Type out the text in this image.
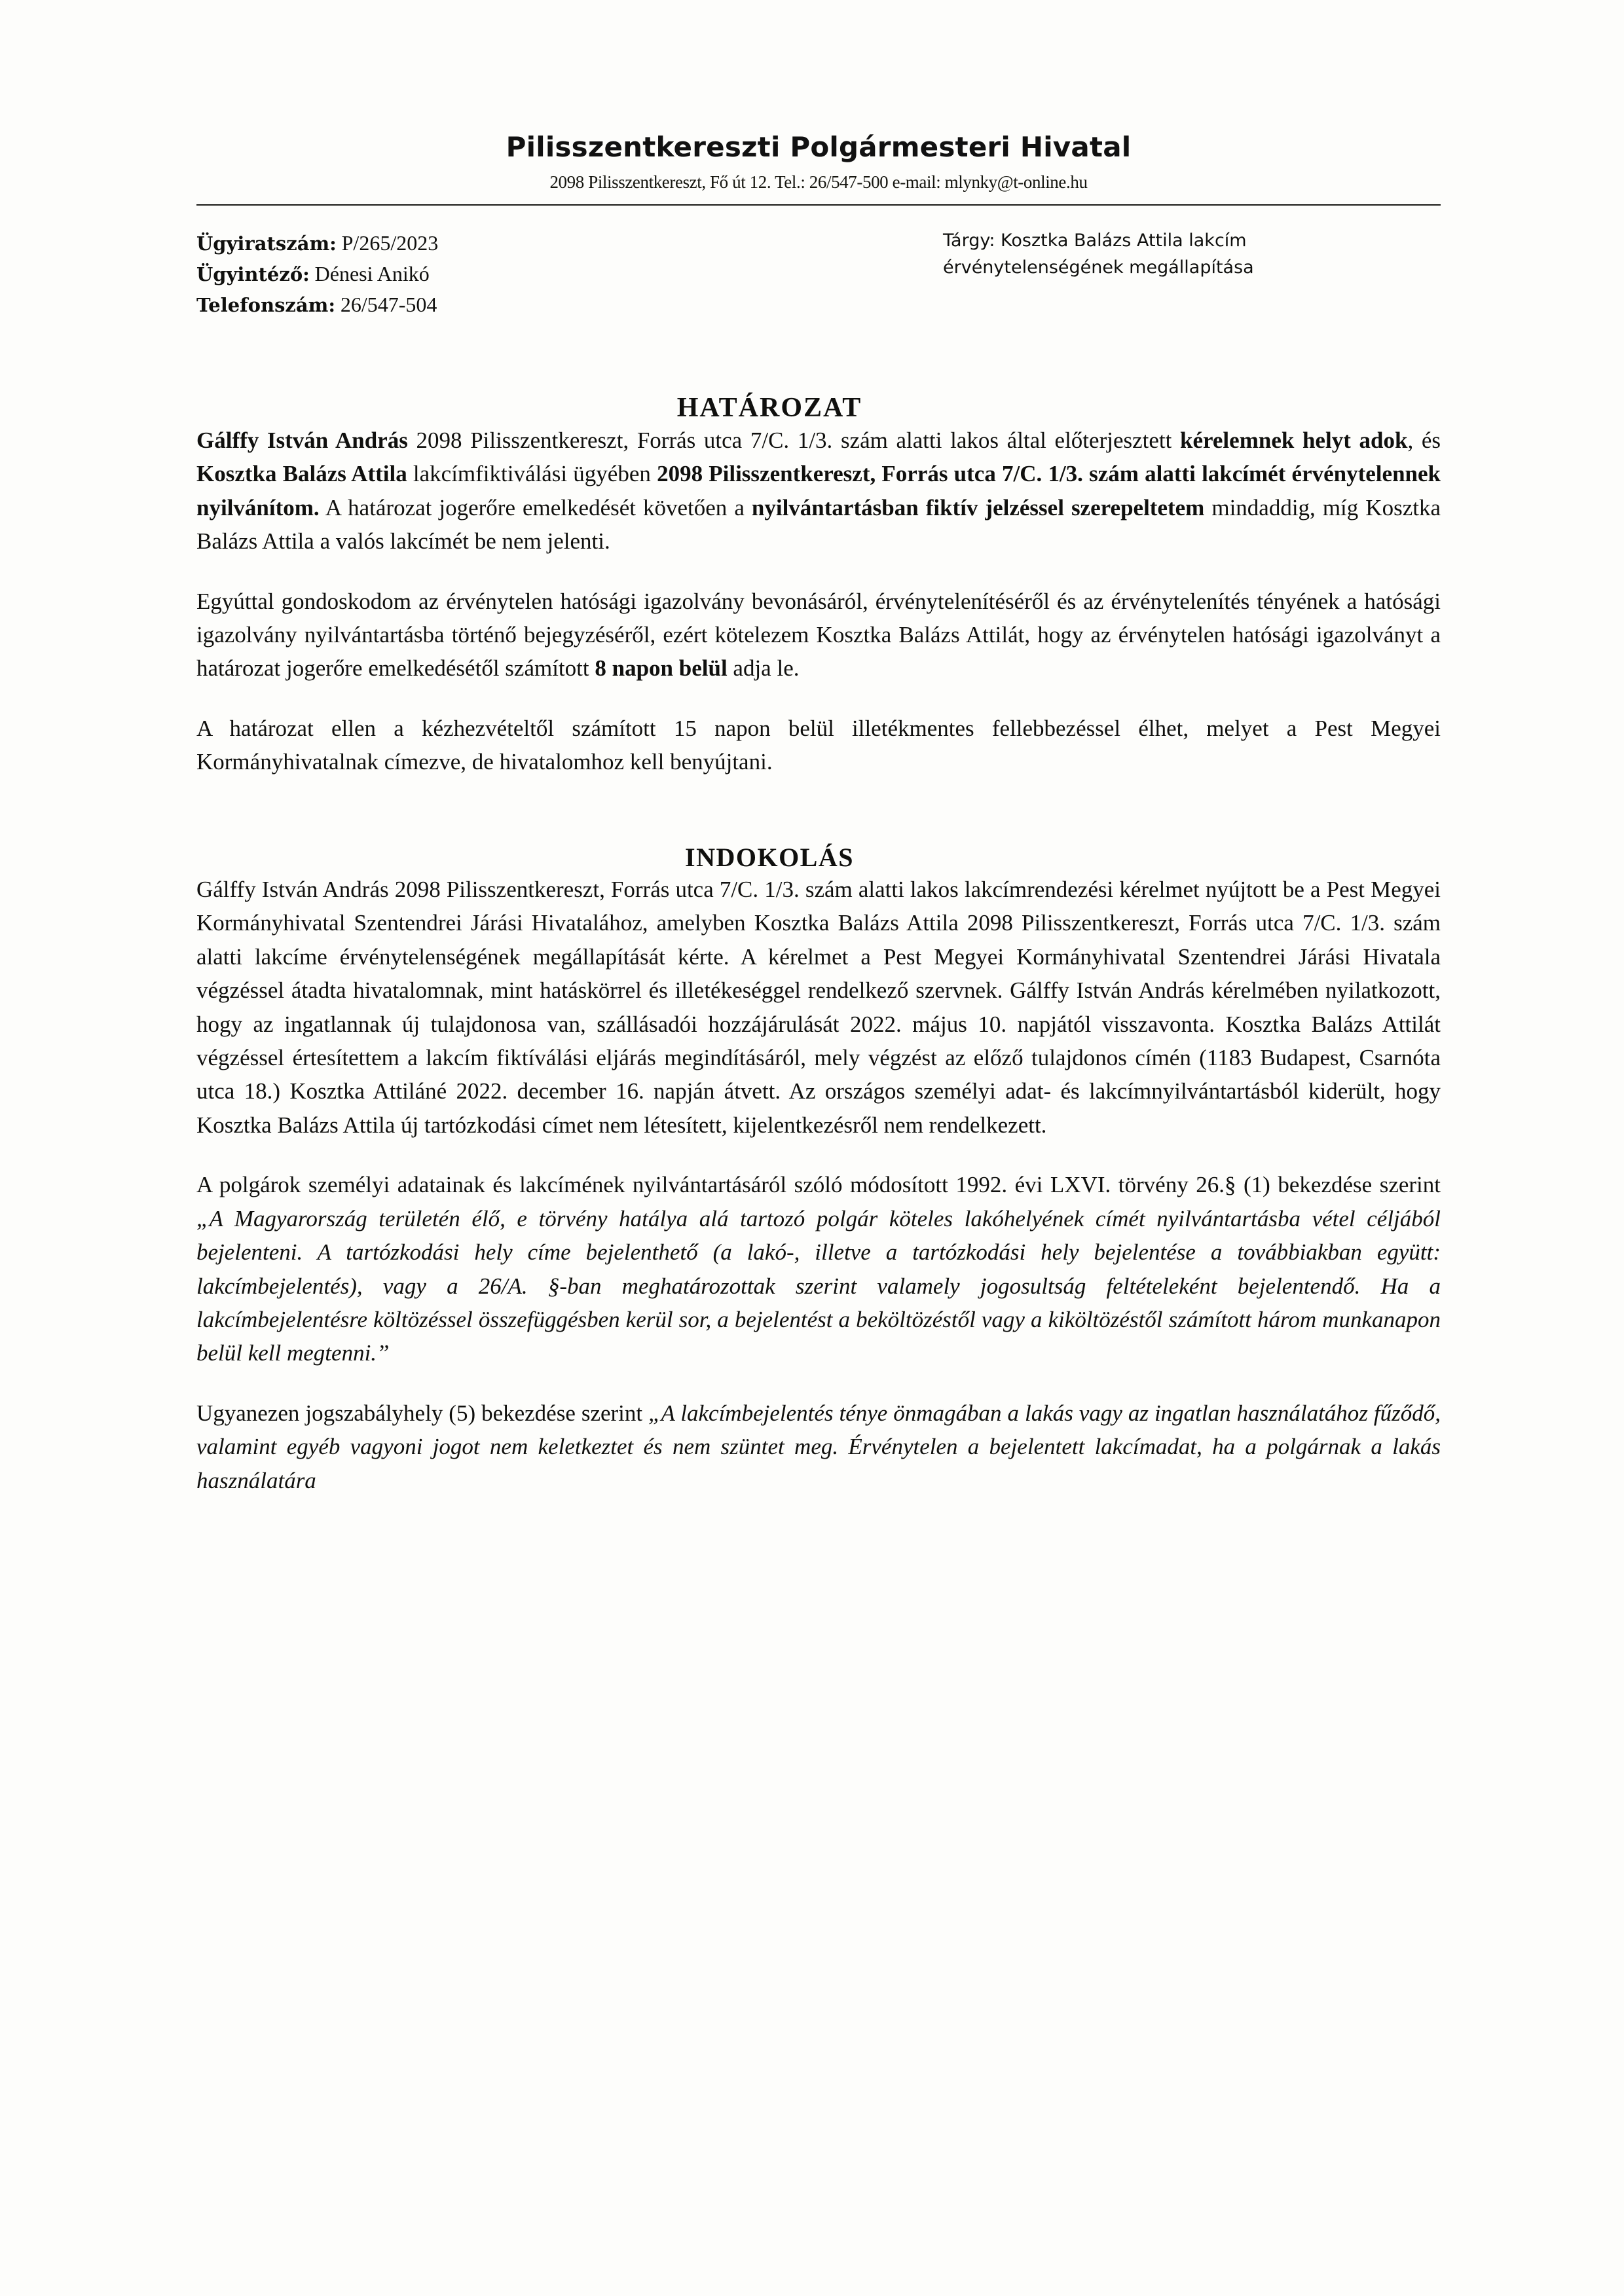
Pilisszentkereszti Polgármesteri Hivatal
2098 Pilisszentkereszt, Fő út 12. Tel.: 26/547-500 e-mail: mlynky@t-online.hu
Ügyiratszám: P/265/2023
Ügyintéző: Dénesi Anikó
Telefonszám: 26/547-504
Tárgy: Kosztka Balázs Attila lakcím érvénytelenségének megállapítása
HATÁROZAT

Gálffy István András 2098 Pilisszentkereszt, Forrás utca 7/C. 1/3. szám alatti lakos által előterjesztett kérelemnek helyt adok, és Kosztka Balázs Attila lakcímfiktiválási ügyében 2098 Pilisszentkereszt, Forrás utca 7/C. 1/3. szám alatti lakcímét érvénytelennek nyilvánítom. A határozat jogerőre emelkedését követően a nyilvántartásban fiktív jelzéssel szerepeltetem mindaddig, míg Kosztka Balázs Attila a valós lakcímét be nem jelenti.

Egyúttal gondoskodom az érvénytelen hatósági igazolvány bevonásáról, érvénytelenítéséről és az érvénytelenítés tényének a hatósági igazolvány nyilvántartásba történő bejegyzéséről, ezért kötelezem Kosztka Balázs Attilát, hogy az érvénytelen hatósági igazolványt a határozat jogerőre emelkedésétől számított 8 napon belül adja le.

A határozat ellen a kézhezvételtől számított 15 napon belül illetékmentes fellebbezéssel élhet, melyet a Pest Megyei Kormányhivatalnak címezve, de hivatalomhoz kell benyújtani.

INDOKOLÁS

Gálffy István András 2098 Pilisszentkereszt, Forrás utca 7/C. 1/3. szám alatti lakos lakcímrendezési kérelmet nyújtott be a Pest Megyei Kormányhivatal Szentendrei Járási Hivatalához, amelyben Kosztka Balázs Attila 2098 Pilisszentkereszt, Forrás utca 7/C. 1/3. szám alatti lakcíme érvénytelenségének megállapítását kérte. A kérelmet a Pest Megyei Kormányhivatal Szentendrei Járási Hivatala végzéssel átadta hivatalomnak, mint hatáskörrel és illetékeséggel rendelkező szervnek. Gálffy István András kérelmében nyilatkozott, hogy az ingatlannak új tulajdonosa van, szállásadói hozzájárulását 2022. május 10. napjától visszavonta. Kosztka Balázs Attilát végzéssel értesítettem a lakcím fiktíválási eljárás megindításáról, mely végzést az előző tulajdonos címén (1183 Budapest, Csarnóta utca 18.) Kosztka Attiláné 2022. december 16. napján átvett. Az országos személyi adat- és lakcímnyilvántartásból kiderült, hogy Kosztka Balázs Attila új tartózkodási címet nem létesített, kijelentkezésről nem rendelkezett.

A polgárok személyi adatainak és lakcímének nyilvántartásáról szóló módosított 1992. évi LXVI. törvény 26.§ (1) bekezdése szerint „A Magyarország területén élő, e törvény hatálya alá tartozó polgár köteles lakóhelyének címét nyilvántartásba vétel céljából bejelenteni. A tartózkodási hely címe bejelenthető (a lakó-, illetve a tartózkodási hely bejelentése a továbbiakban együtt: lakcímbejelentés), vagy a 26/A. §-ban meghatározottak szerint valamely jogosultság feltételeként bejelentendő. Ha a lakcímbejelentésre költözéssel összefüggésben kerül sor, a bejelentést a beköltözéstől vagy a kiköltözéstől számított három munkanapon belül kell megtenni.”

Ugyanezen jogszabályhely (5) bekezdése szerint „A lakcímbejelentés ténye önmagában a lakás vagy az ingatlan használatához fűződő, valamint egyéb vagyoni jogot nem keletkeztet és nem szüntet meg. Érvénytelen a bejelentett lakcímadat, ha a polgárnak a lakás használatára
